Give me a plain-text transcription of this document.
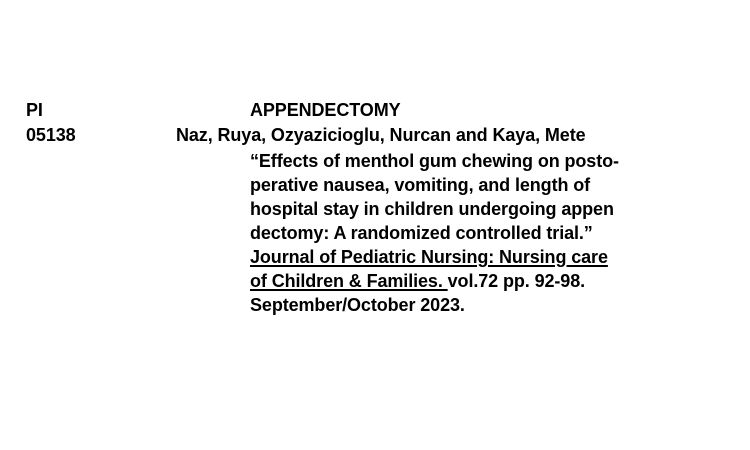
PI	APPENDECTOMY
05138	Naz, Ruya, Ozyazicioglu, Nurcan and Kaya, Mete
“Effects of menthol gum chewing on posto-
perative nausea, vomiting, and length of
hospital stay in children undergoing appen
dectomy: A randomized controlled trial.”
Journal of Pediatric Nursing: Nursing care
of Children & Families. vol.72 pp. 92-98.
September/October 2023.
